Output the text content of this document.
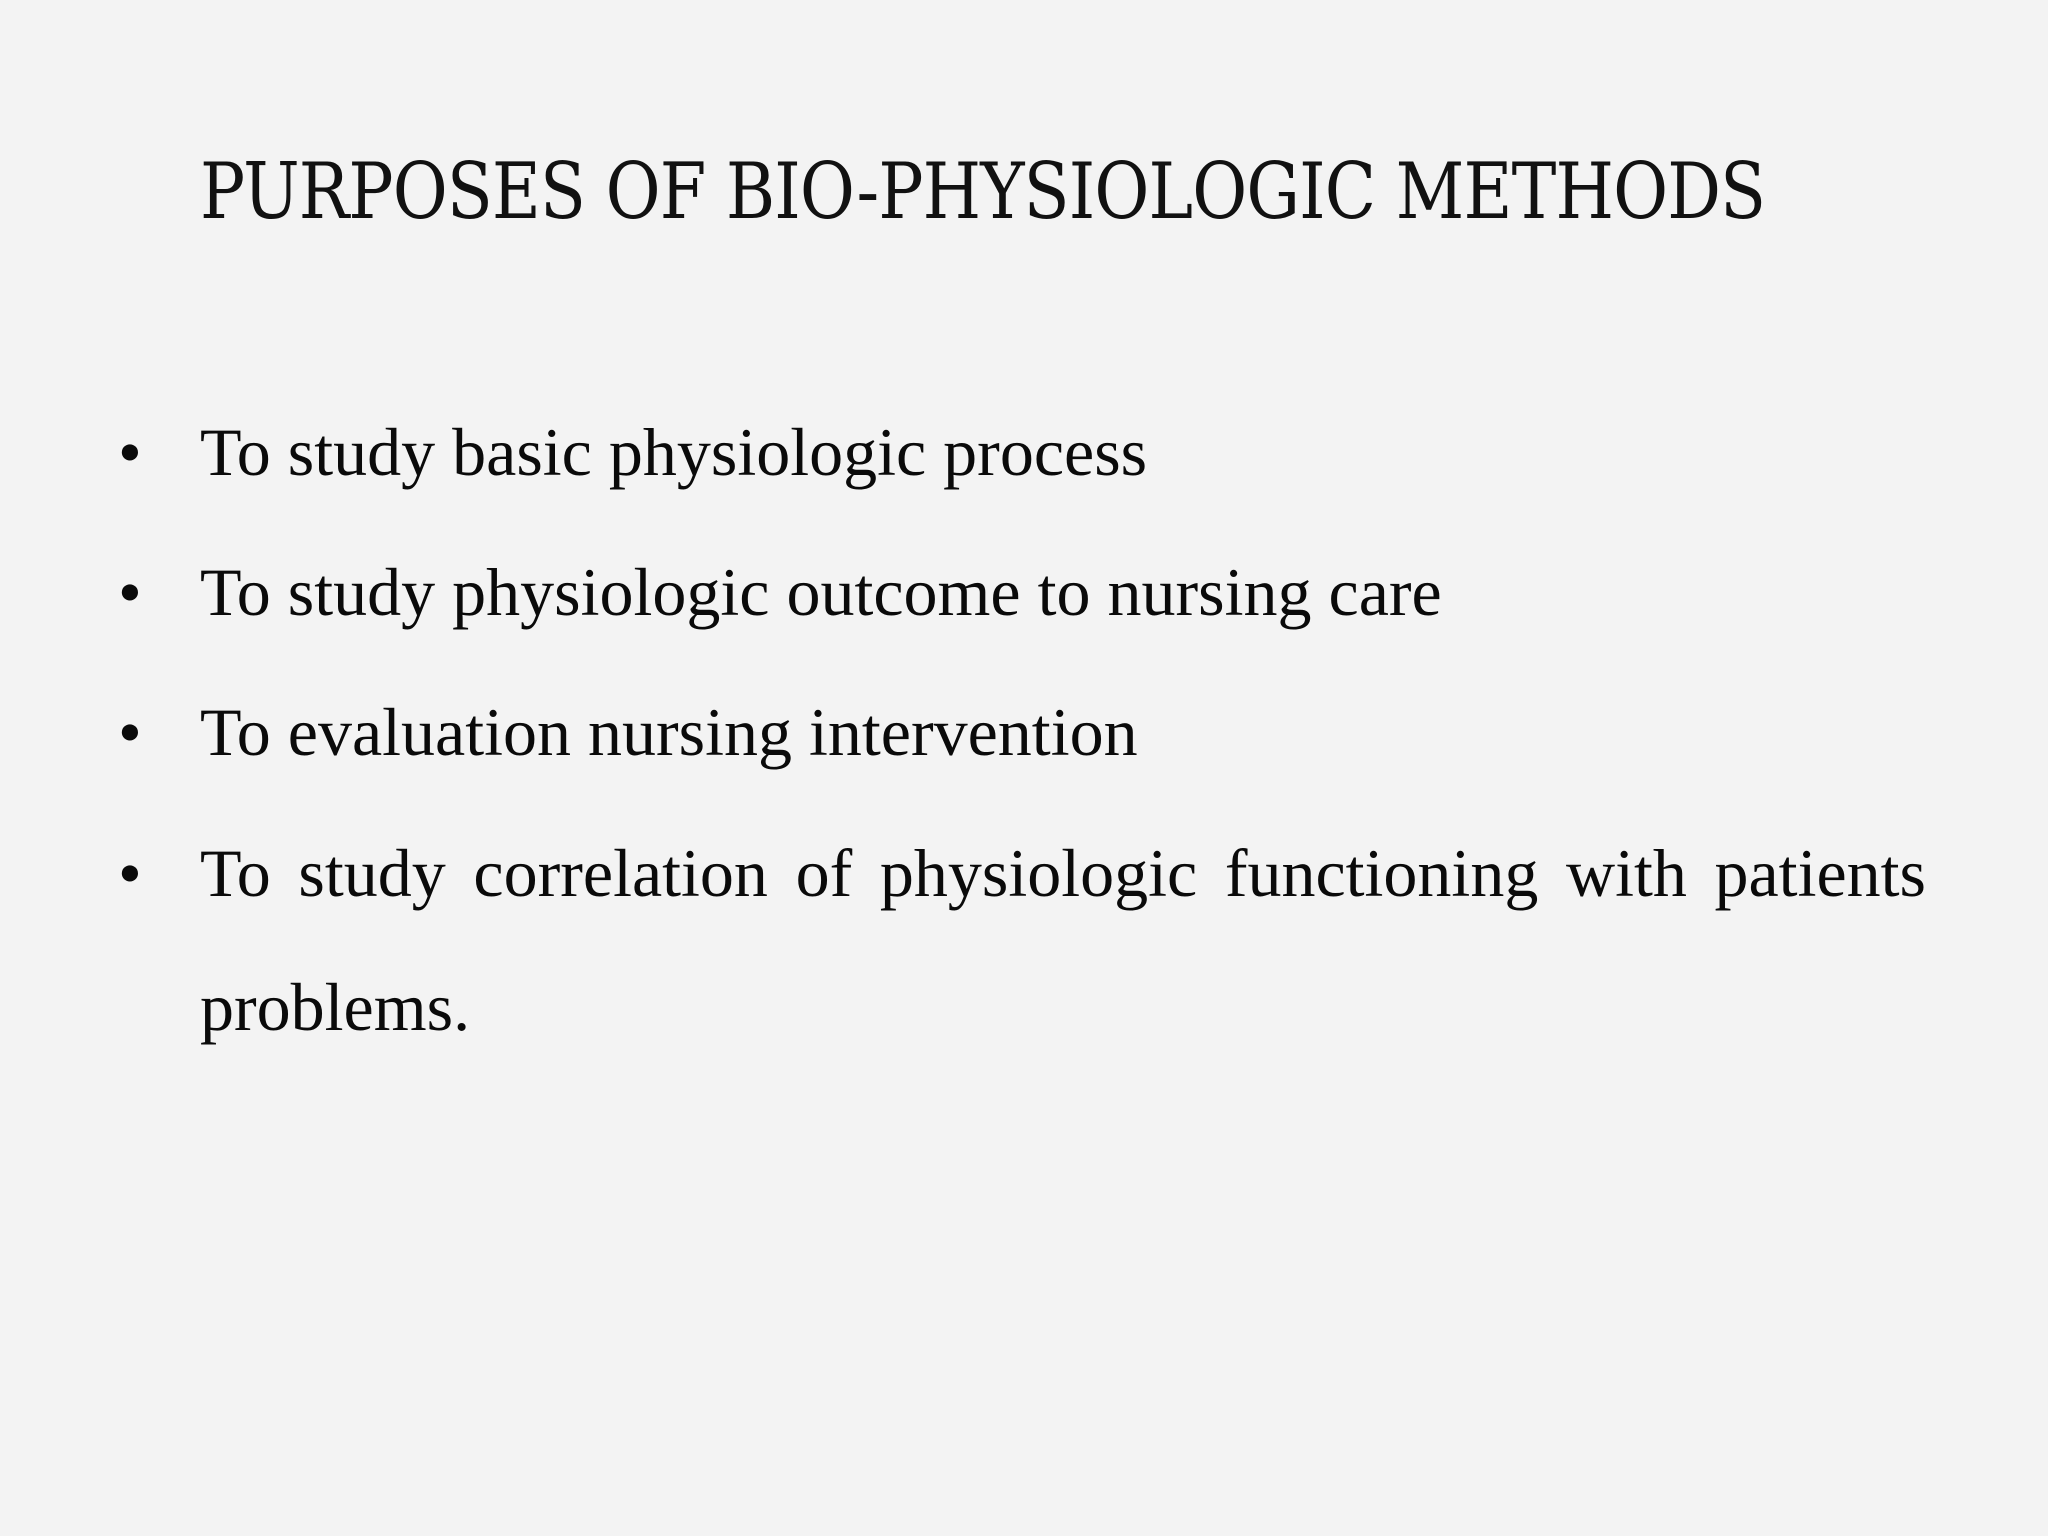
PURPOSES OF BIO-PHYSIOLOGIC METHODS
• To study basic physiologic process
• To study physiologic outcome to nursing care
• To evaluation nursing intervention
• To study correlation of physiologic functioning with patients problems.
